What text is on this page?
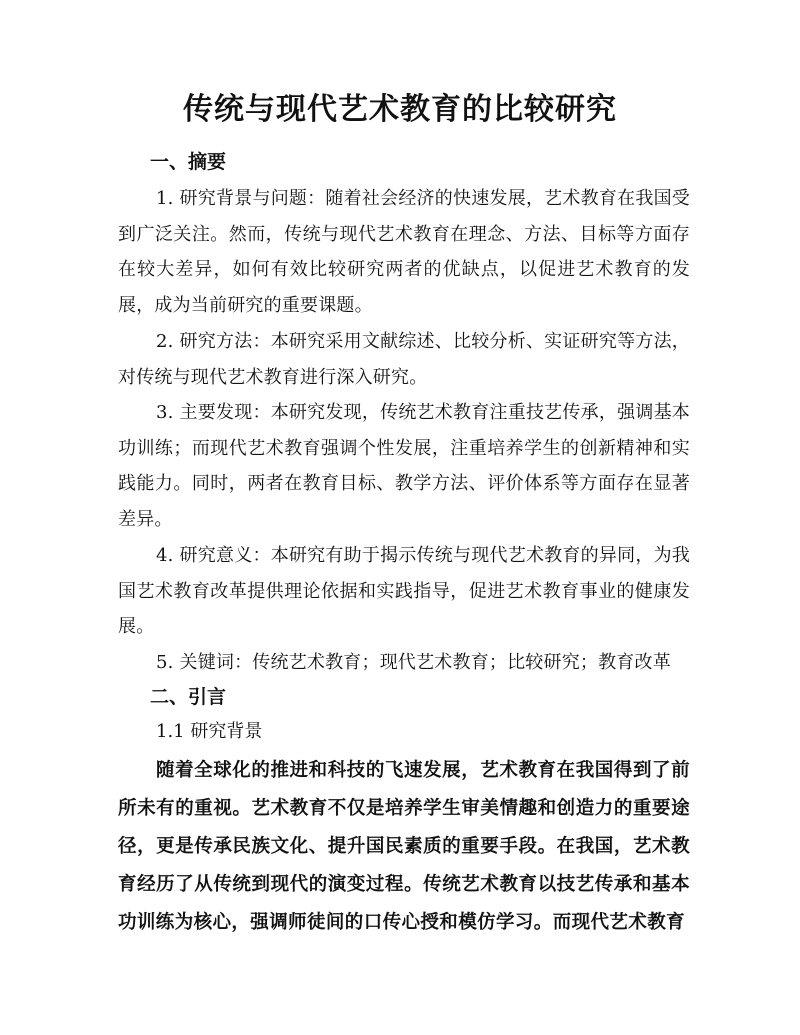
传统与现代艺术教育的比较研究
一、摘要
1. 研究背景与问题：随着社会经济的快速发展，艺术教育在我国受到广泛关注。然而，传统与现代艺术教育在理念、方法、目标等方面存在较大差异，如何有效比较研究两者的优缺点，以促进艺术教育的发展，成为当前研究的重要课题。
2. 研究方法：本研究采用文献综述、比较分析、实证研究等方法，对传统与现代艺术教育进行深入研究。
3. 主要发现：本研究发现，传统艺术教育注重技艺传承，强调基本功训练；而现代艺术教育强调个性发展，注重培养学生的创新精神和实践能力。同时，两者在教育目标、教学方法、评价体系等方面存在显著差异。
4. 研究意义：本研究有助于揭示传统与现代艺术教育的异同，为我国艺术教育改革提供理论依据和实践指导，促进艺术教育事业的健康发展。
5. 关键词：传统艺术教育；现代艺术教育；比较研究；教育改革
二、引言
1.1 研究背景
随着全球化的推进和科技的飞速发展，艺术教育在我国得到了前所未有的重视。艺术教育不仅是培养学生审美情趣和创造力的重要途径，更是传承民族文化、提升国民素质的重要手段。在我国，艺术教育经历了从传统到现代的演变过程。传统艺术教育以技艺传承和基本功训练为核心，强调师徒间的口传心授和模仿学习。而现代艺术教育
